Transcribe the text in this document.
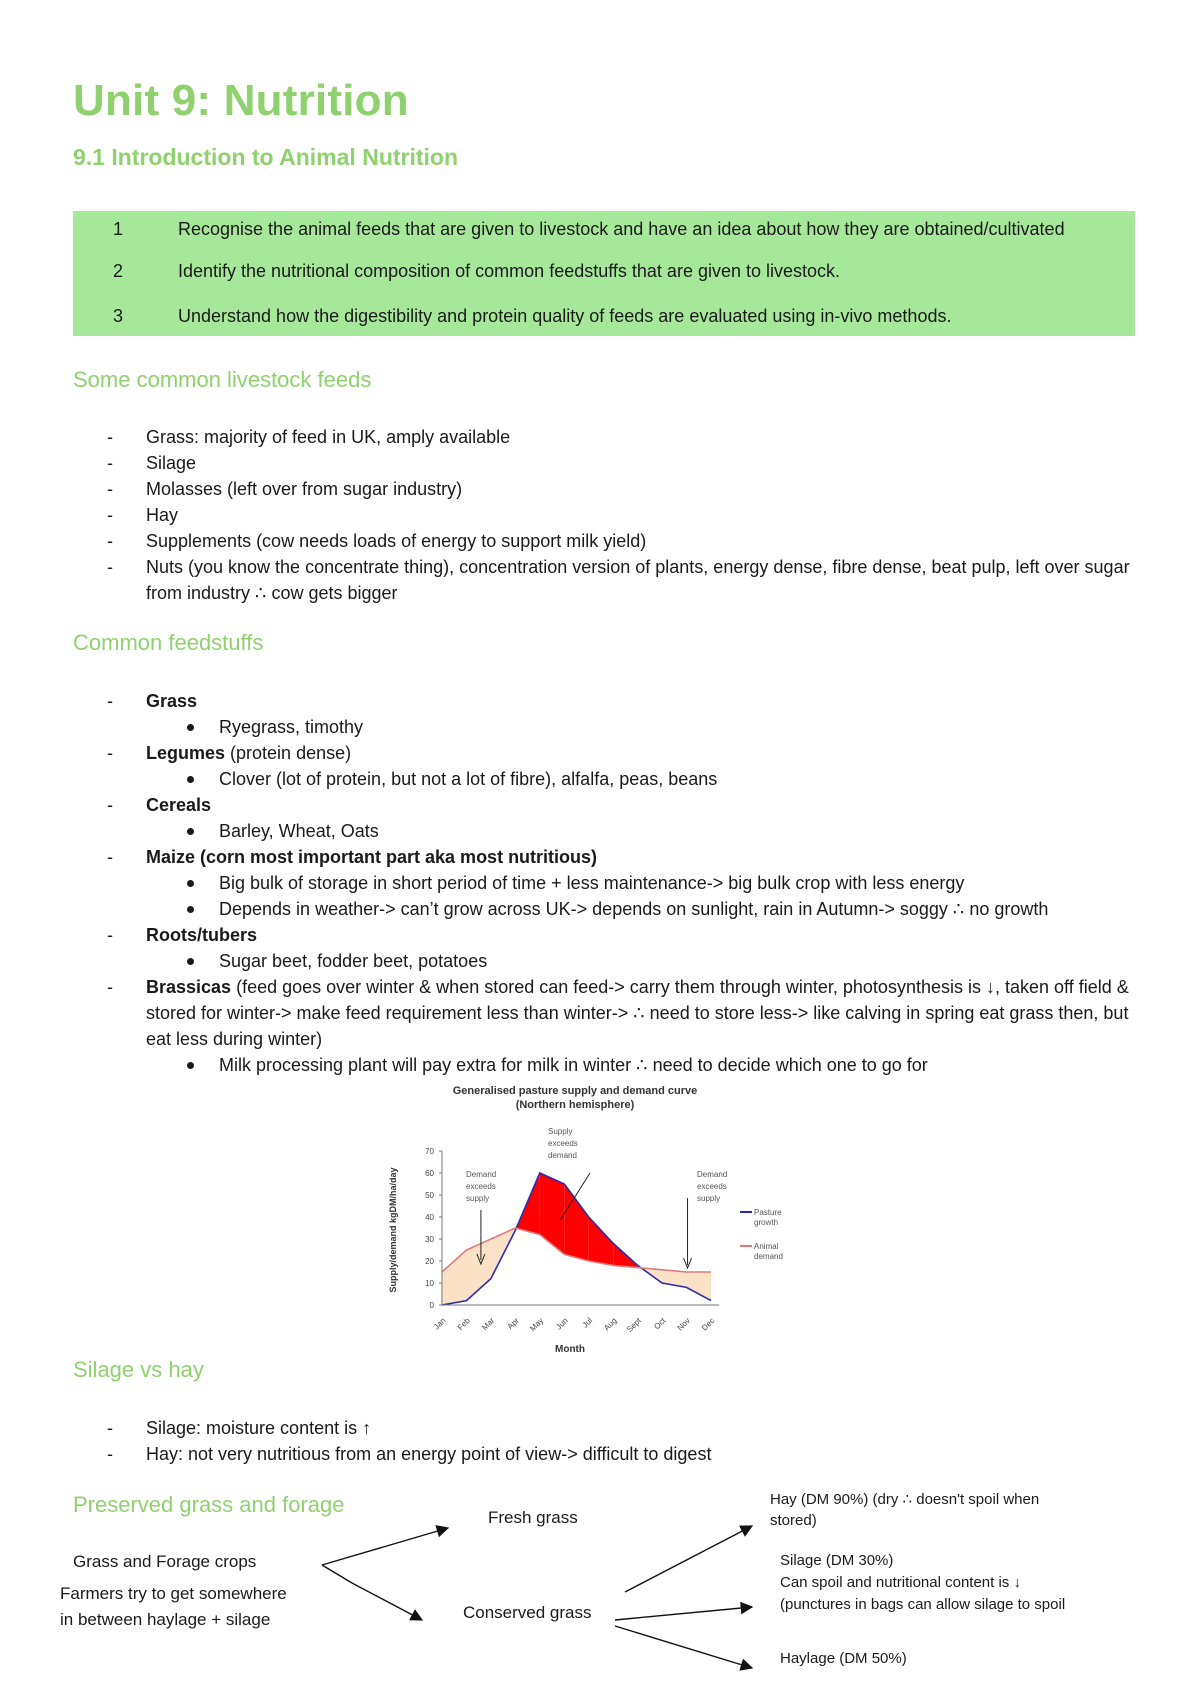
Unit 9: Nutrition
9.1 Introduction to Animal Nutrition
1	Recognise the animal feeds that are given to livestock and have an idea about how they are obtained/cultivated
2	Identify the nutritional composition of common feedstuffs that are given to livestock.
3	Understand how the digestibility and protein quality of feeds are evaluated using in-vivo methods.
Some common livestock feeds
- Grass: majority of feed in UK, amply available
- Silage
- Molasses (left over from sugar industry)
- Hay
- Supplements (cow needs loads of energy to support milk yield)
- Nuts (you know the concentrate thing), concentration version of plants, energy dense, fibre dense, beat pulp, left over sugar from industry ∴ cow gets bigger
Common feedstuffs
- Grass
Ryegrass, timothy
- Legumes (protein dense)
Clover (lot of protein, but not a lot of fibre), alfalfa, peas, beans
- Cereals
Barley, Wheat, Oats
- Maize (corn most important part aka most nutritious)
Big bulk of storage in short period of time + less maintenance-> big bulk crop with less energy
Depends in weather-> can’t grow across UK-> depends on sunlight, rain in Autumn-> soggy ∴ no growth
- Roots/tubers
Sugar beet, fodder beet, potatoes
- Brassicas (feed goes over winter & when stored can feed-> carry them through winter, photosynthesis is ↓, taken off field & stored for winter-> make feed requirement less than winter-> ∴ need to store less-> like calving in spring eat grass then, but eat less during winter)
Milk processing plant will pay extra for milk in winter ∴ need to decide which one to go for
Generalised pasture supply and demand curve
(Northern hemisphere)
0
10
20
30
40
50
60
70
Jan Feb Mar Apr May Jun Jul Aug Sept Oct Nov Dec
Demand
exceeds
supply
Supply
exceeds
demand
Demand
exceeds
supply
Pasture
growth
Animal
demand
Month
Supply/demand kgDM/ha/day
Silage vs hay
- Silage: moisture content is ↑
- Hay: not very nutritious from an energy point of view-> difficult to digest
Preserved grass and forage
Grass and Forage crops
Farmers try to get somewhere
in between haylage + silage
Fresh grass
Conserved grass
Hay (DM 90%) (dry ∴ doesn't spoil when
stored)
Silage (DM 30%)
Can spoil and nutritional content is ↓
(punctures in bags can allow silage to spoil
Haylage (DM 50%)
